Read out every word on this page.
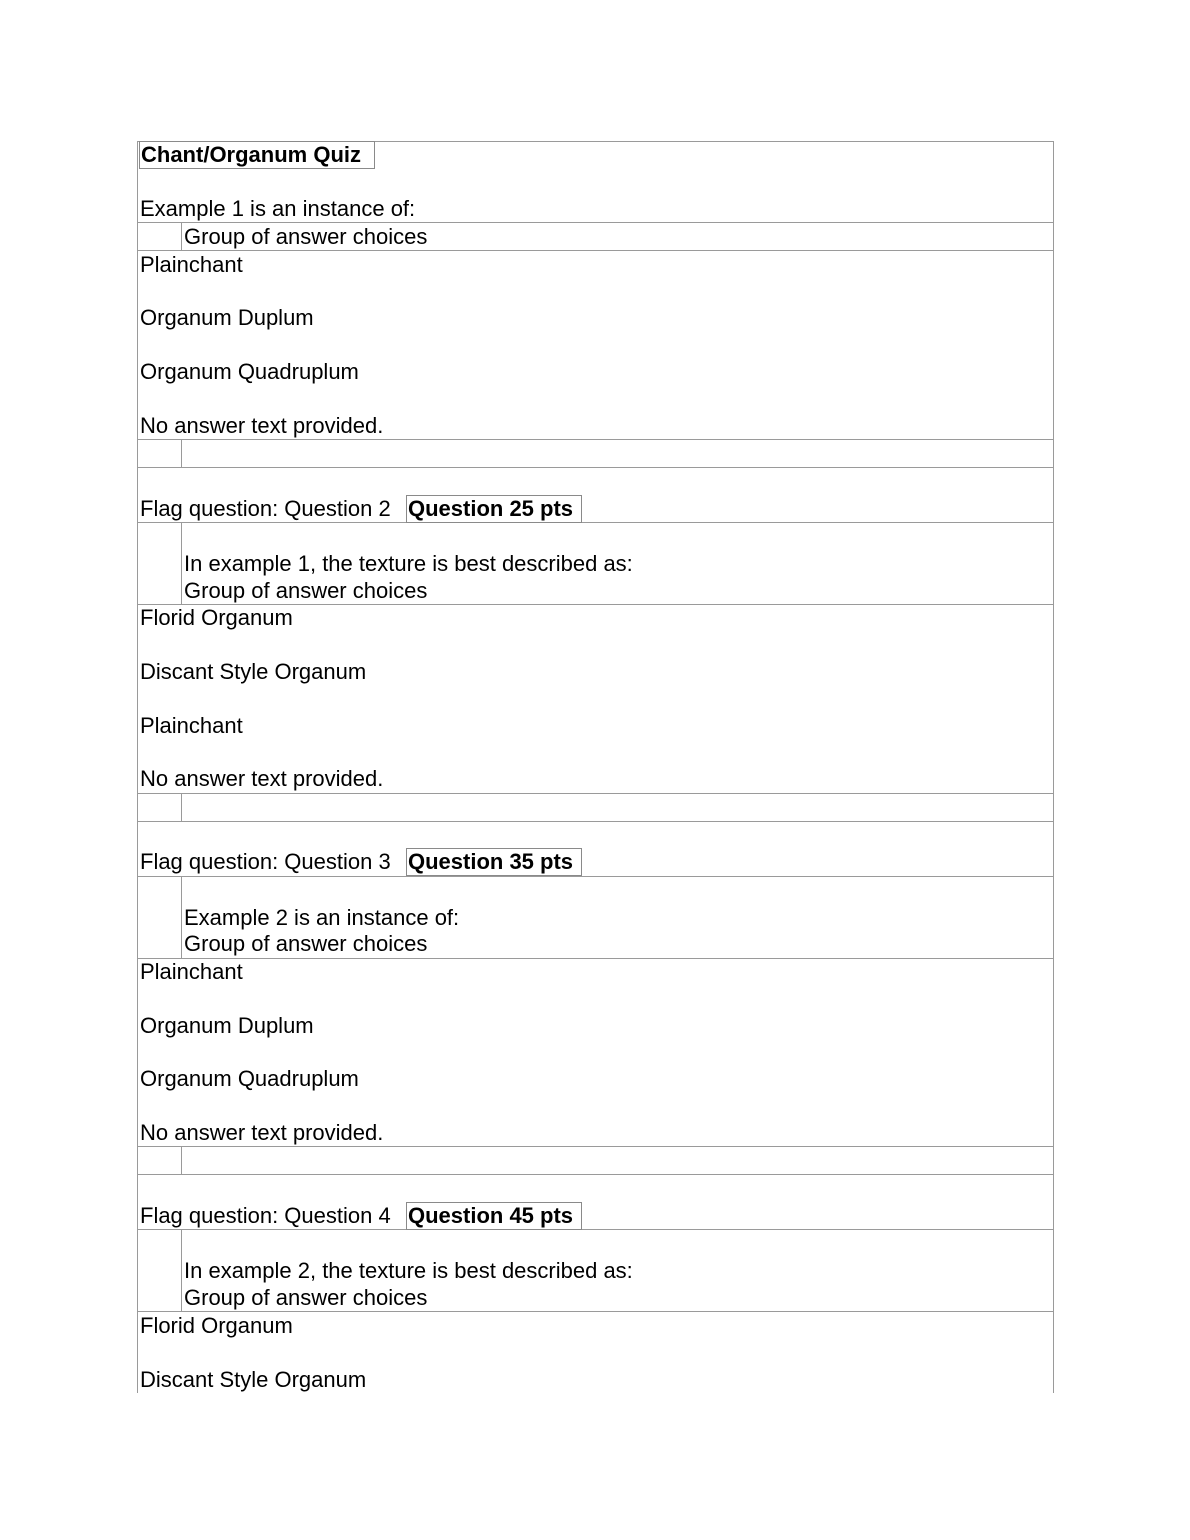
Chant/Organum Quiz
Example 1 is an instance of:
Group of answer choices
Plainchant
Organum Duplum
Organum Quadruplum
No answer text provided.
Flag question: Question 2 Question 25 pts
In example 1, the texture is best described as:
Group of answer choices
Florid Organum
Discant Style Organum
Plainchant
No answer text provided.
Flag question: Question 3 Question 35 pts
Example 2 is an instance of:
Group of answer choices
Plainchant
Organum Duplum
Organum Quadruplum
No answer text provided.
Flag question: Question 4 Question 45 pts
In example 2, the texture is best described as:
Group of answer choices
Florid Organum
Discant Style Organum
